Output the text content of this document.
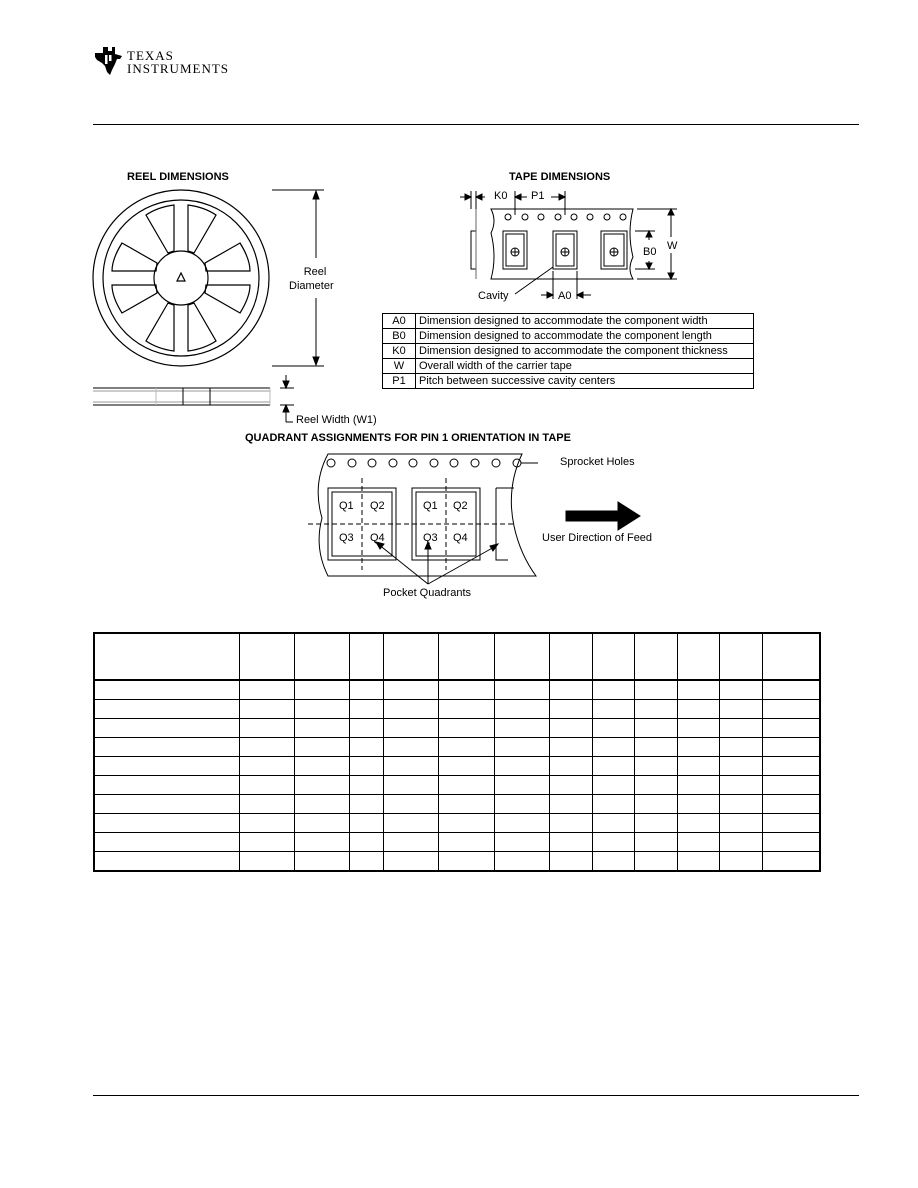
TEXAS
INSTRUMENTS
REEL DIMENSIONS
Reel
Diameter
Reel Width (W1)
TAPE DIMENSIONS
K0 P1
B0 W
Cavity	A0
A0	Dimension designed to accommodate the component width
B0	Dimension designed to accommodate the component length
K0	Dimension designed to accommodate the component thickness
W	Overall width of the carrier tape
P1	Pitch between successive cavity centers
QUADRANT ASSIGNMENTS FOR PIN 1 ORIENTATION IN TAPE
Sprocket Holes
User Direction of Feed
Pocket Quadrants
Q1 Q2
Q3 Q4
Q1 Q2
Q3 Q4
